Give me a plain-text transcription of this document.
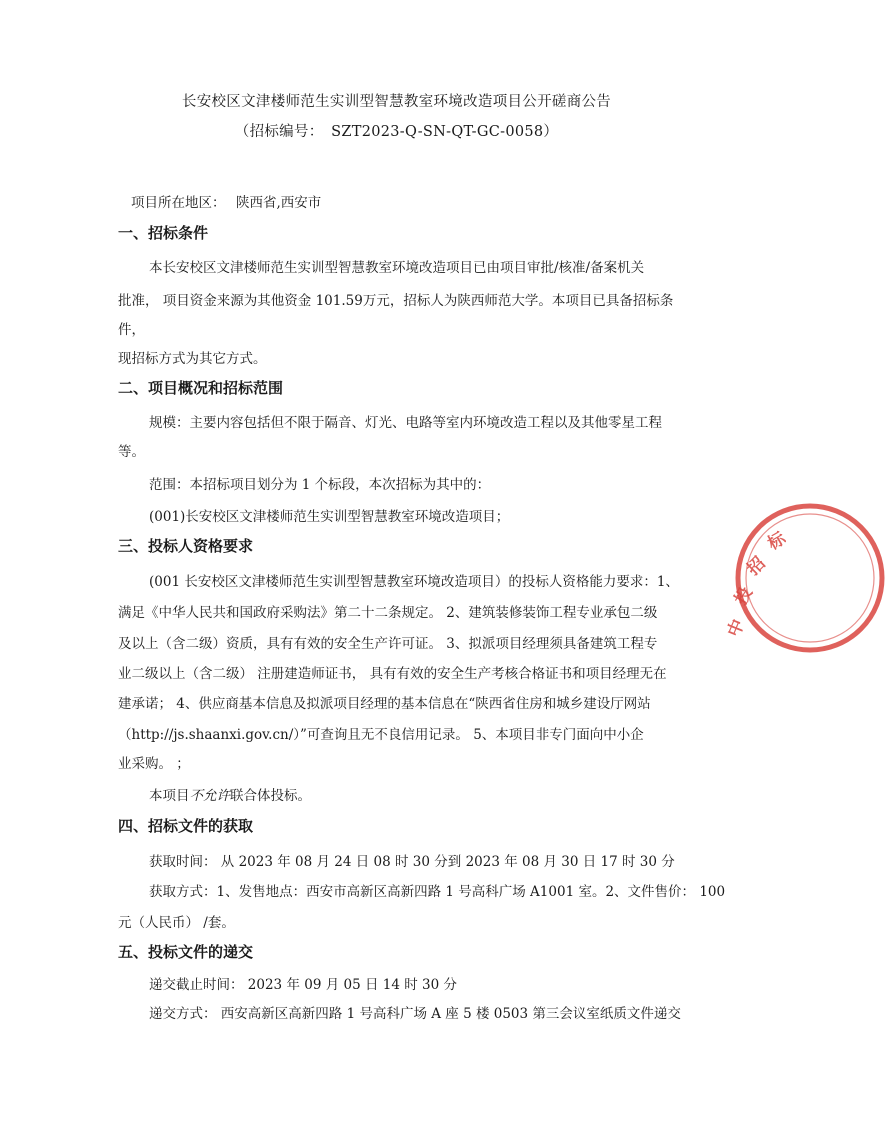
长安校区文津楼师范生实训型智慧教室环境改造项目公开磋商公告
（招标编号：　SZT2023-Q-SN-QT-GC-0058）
项目所在地区： 陕西省,西安市
一、招标条件
本长安校区文津楼师范生实训型智慧教室环境改造项目已由项目审批/核准/备案机关
批准， 项目资金来源为其他资金 101.59万元，招标人为陕西师范大学。本项目已具备招标条
件，
现招标方式为其它方式。
二、项目概况和招标范围
规模：主要内容包括但不限于隔音、灯光、电路等室内环境改造工程以及其他零星工程
等。
范围：本招标项目划分为 1 个标段，本次招标为其中的：
(001)长安校区文津楼师范生实训型智慧教室环境改造项目；
三、投标人资格要求
(001 长安校区文津楼师范生实训型智慧教室环境改造项目）的投标人资格能力要求：1、
满足《中华人民共和国政府采购法》第二十二条规定。 2、建筑装修装饰工程专业承包二级
及以上（含二级）资质，具有有效的安全生产许可证。 3、拟派项目经理须具备建筑工程专
业二级以上（含二级） 注册建造师证书， 具有有效的安全生产考核合格证书和项目经理无在
建承诺； 4、供应商基本信息及拟派项目经理的基本信息在“陕西省住房和城乡建设厅网站
（http://js.shaanxi.gov.cn/）”可查询且无不良信用记录。 5、本项目非专门面向中小企
业采购。 ；
本项目不允许联合体投标。
四、招标文件的获取
获取时间： 从 2023 年 08 月 24 日 08 时 30 分到 2023 年 08 月 30 日 17 时 30 分
获取方式：1、发售地点：西安市高新区高新四路 1 号高科广场 A1001 室。2、文件售价： 100
元（人民币） /套。
五、投标文件的递交
递交截止时间： 2023 年 09 月 05 日 14 时 30 分
递交方式： 西安高新区高新四路 1 号高科广场 A 座 5 楼 0503 第三会议室纸质文件递交
中
投
招
标
